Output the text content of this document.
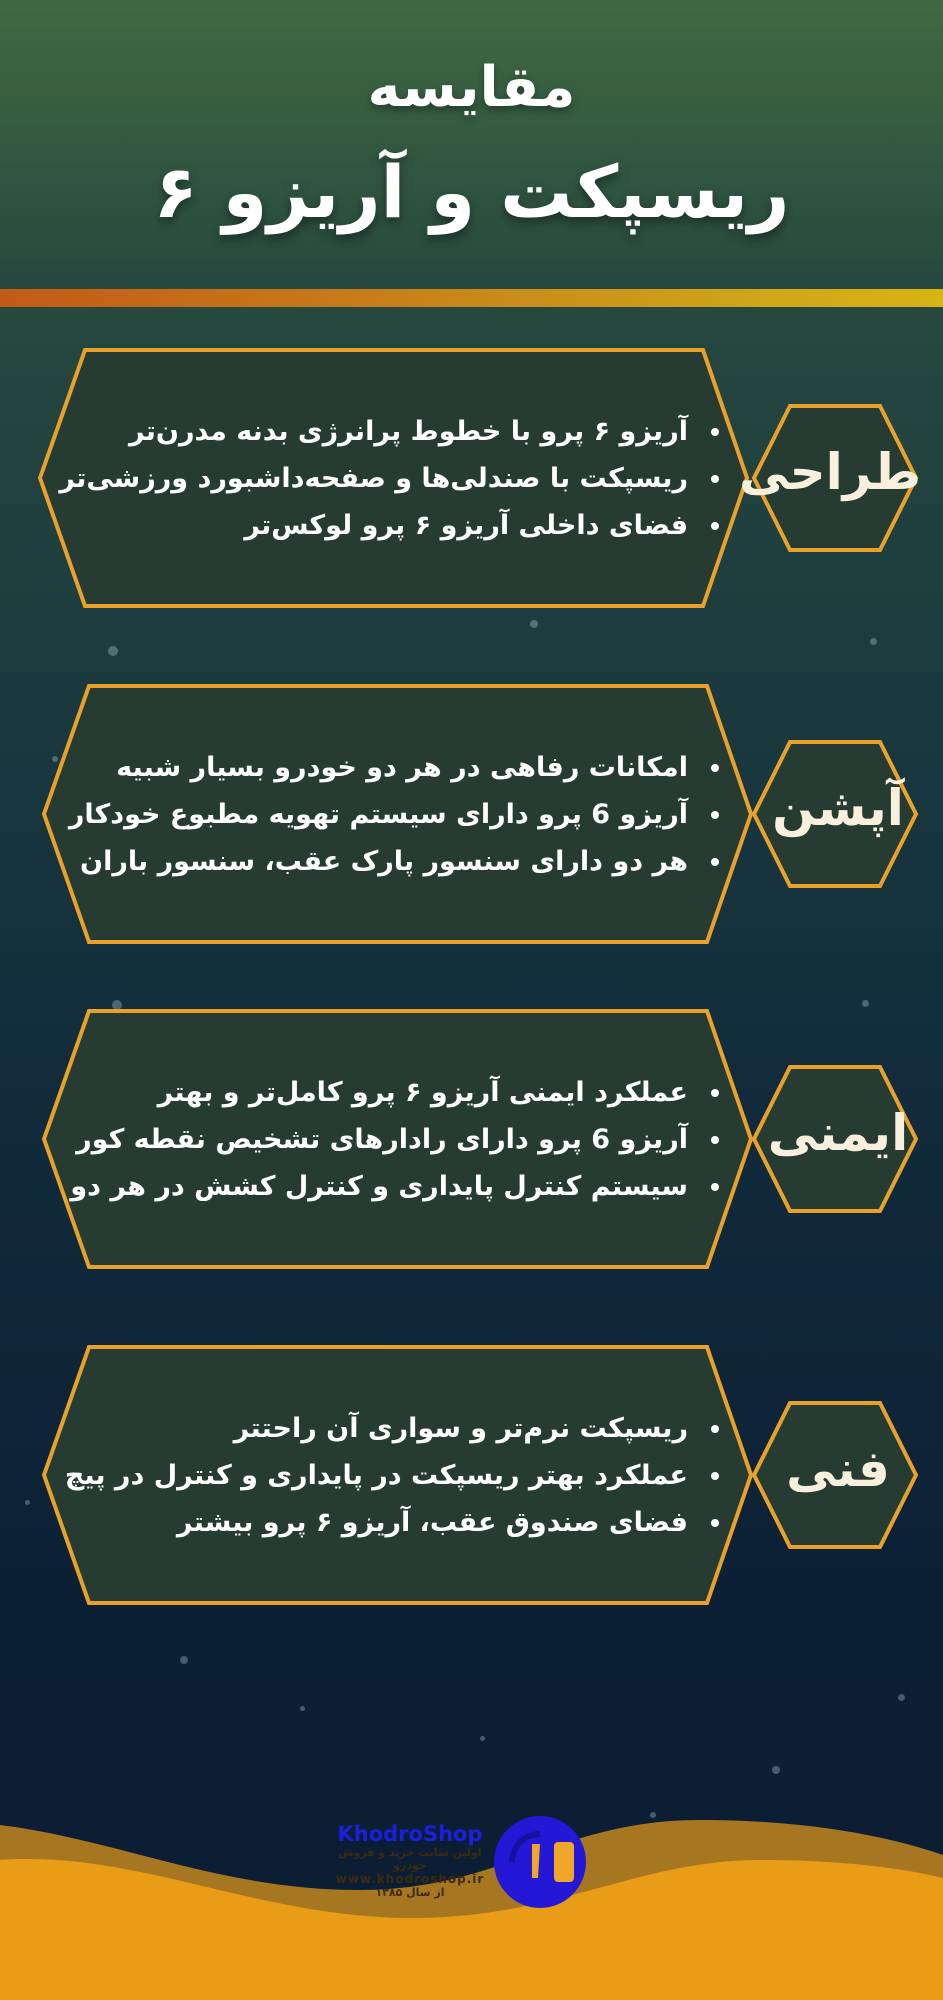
مقایسه
ریسپکت و آریزو ۶
آریزو ۶ پرو با خطوط پرانرژی بدنه مدرن‌تر
ریسپکت با صندلی‌ها و صفحه‌داشبورد ورزشی‌تر
فضای داخلی آریزو ۶ پرو لوکس‌تر
طراحی
امکانات رفاهی در هر دو خودرو بسیار شبیه
آریزو 6 پرو دارای سیستم تهویه مطبوع خودکار
هر دو دارای سنسور پارک عقب، سنسور باران
آپشن
عملکرد ایمنی آریزو ۶ پرو کامل‌تر و بهتر
آریزو 6 پرو دارای رادارهای تشخیص نقطه کور
سیستم کنترل پایداری و کنترل کشش در هر دو
ایمنی
ریسپکت نرم‌تر و سواری آن راحتتر
عملکرد بهتر ریسپکت در پایداری و کنترل در پیچ
فضای صندوق عقب، آریزو ۶ پرو بیشتر
فنی
KhodroShop
اولین سایت خرید و فروش خودرو
www.khodroshop.ir
از سال ۱۳۸۵
